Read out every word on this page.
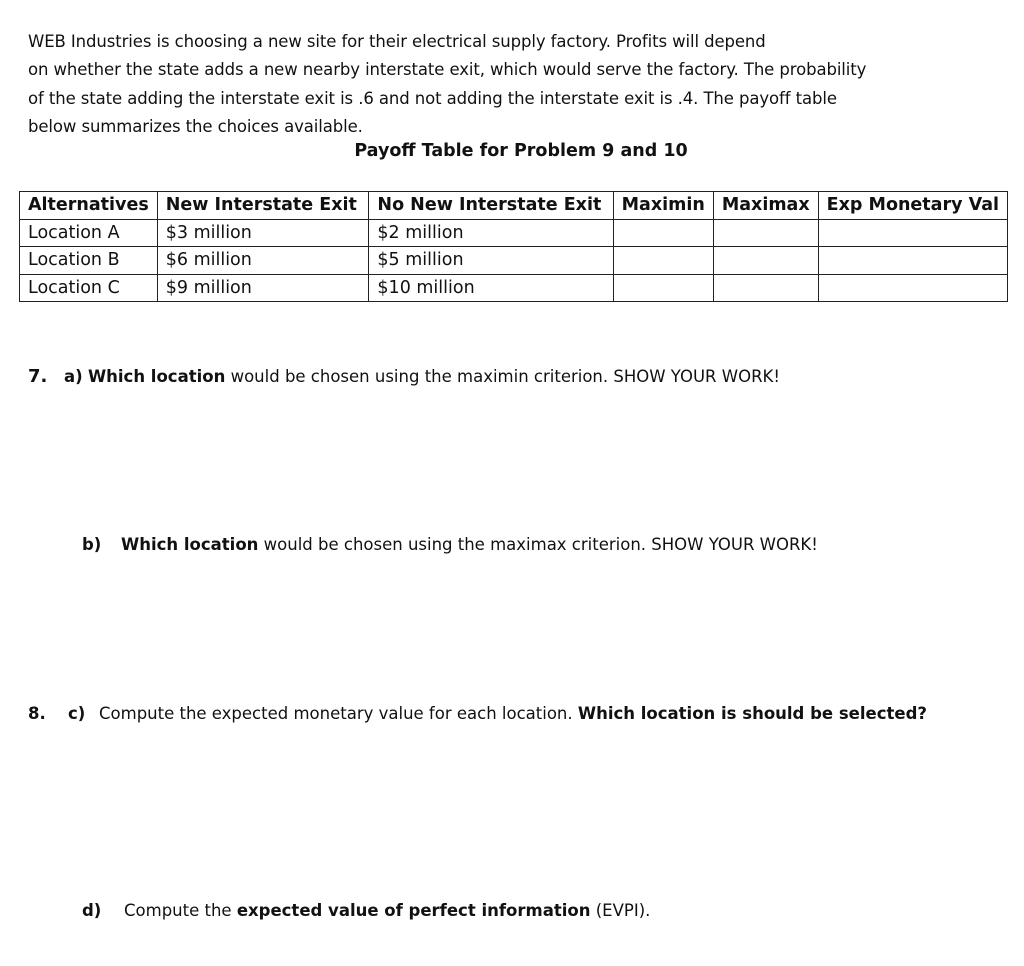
WEB Industries is choosing a new site for their electrical supply factory. Profits will depend
on whether the state adds a new nearby interstate exit, which would serve the factory. The probability
of the state adding the interstate exit is .6 and not adding the interstate exit is .4. The payoff table
below summarizes the choices available.
Payoff Table for Problem 9 and 10
Alternatives	New Interstate Exit	No New Interstate Exit	Maximin	Maximax	Exp Monetary Val
Location A	$3 million	$2 million			
Location B	$6 million	$5 million			
Location C	$9 million	$10 million			
7. a) Which location would be chosen using the maximin criterion. SHOW YOUR WORK!
b) Which location would be chosen using the maximax criterion. SHOW YOUR WORK!
8. c) Compute the expected monetary value for each location. Which location is should be selected?
d) Compute the expected value of perfect information (EVPI).
